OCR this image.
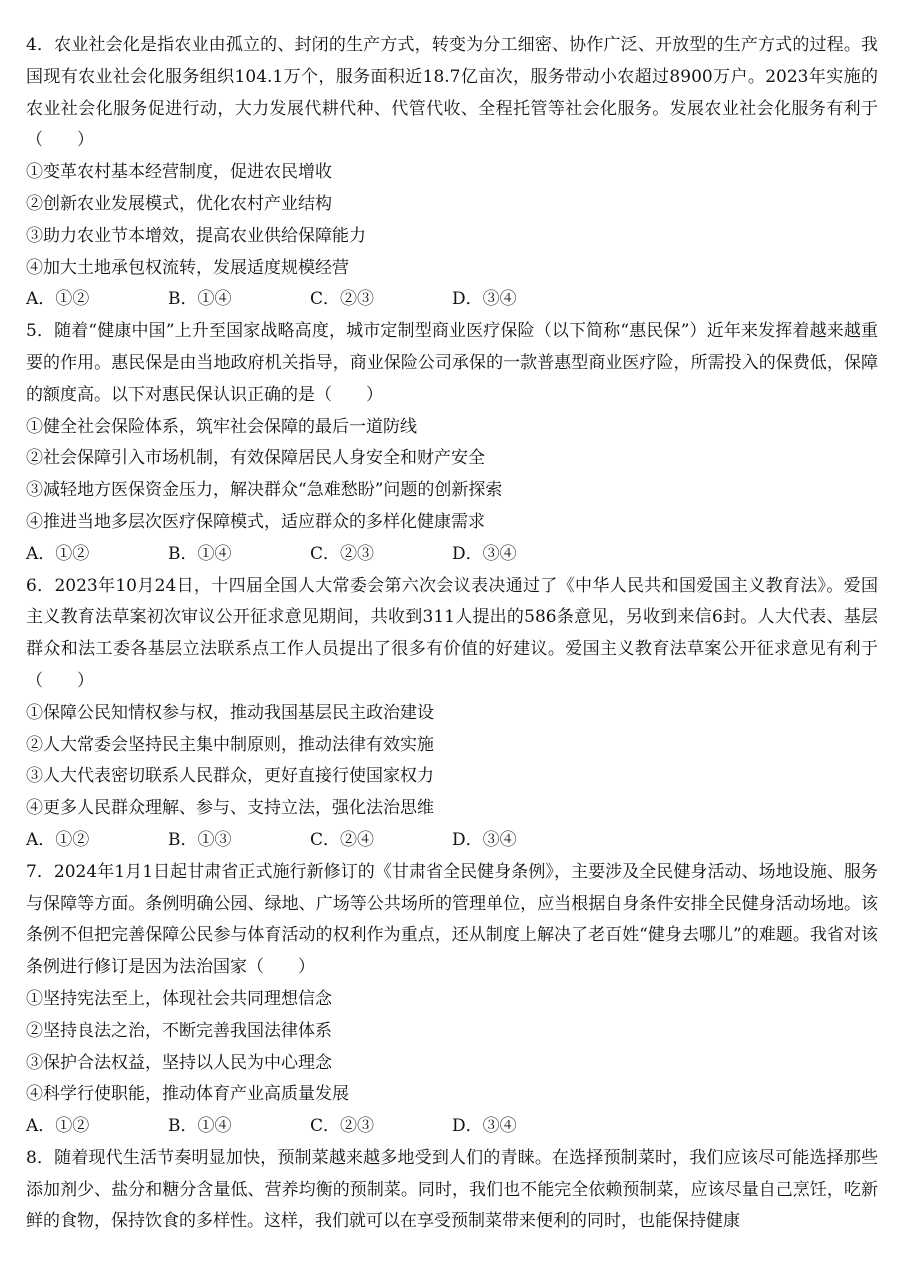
4．农业社会化是指农业由孤立的、封闭的生产方式，转变为分工细密、协作广泛、开放型的生产方式的过程。我国现有农业社会化服务组织104.1万个，服务面积近18.7亿亩次，服务带动小农超过8900万户。2023年实施的农业社会化服务促进行动，大力发展代耕代种、代管代收、全程托管等社会化服务。发展农业社会化服务有利于（　　）

①变革农村基本经营制度，促进农民增收

②创新农业发展模式，优化农村产业结构

③助力农业节本增效，提高农业供给保障能力

④加大土地承包权流转，发展适度规模经营

A．①②	B．①④	C．②③	D．③④

5．随着“健康中国”上升至国家战略高度，城市定制型商业医疗保险（以下简称“惠民保”）近年来发挥着越来越重要的作用。惠民保是由当地政府机关指导，商业保险公司承保的一款普惠型商业医疗险，所需投入的保费低，保障的额度高。以下对惠民保认识正确的是（　　）

①健全社会保险体系，筑牢社会保障的最后一道防线

②社会保障引入市场机制，有效保障居民人身安全和财产安全

③减轻地方医保资金压力，解决群众“急难愁盼”问题的创新探索

④推进当地多层次医疗保障模式，适应群众的多样化健康需求

A．①②	B．①④	C．②③	D．③④

6．2023年10月24日，十四届全国人大常委会第六次会议表决通过了《中华人民共和国爱国主义教育法》。爱国主义教育法草案初次审议公开征求意见期间，共收到311人提出的586条意见，另收到来信6封。人大代表、基层群众和法工委各基层立法联系点工作人员提出了很多有价值的好建议。爱国主义教育法草案公开征求意见有利于（　　）

①保障公民知情权参与权，推动我国基层民主政治建设

②人大常委会坚持民主集中制原则，推动法律有效实施

③人大代表密切联系人民群众，更好直接行使国家权力

④更多人民群众理解、参与、支持立法，强化法治思维

A．①②	B．①③	C．②④	D．③④

7．2024年1月1日起甘肃省正式施行新修订的《甘肃省全民健身条例》，主要涉及全民健身活动、场地设施、服务与保障等方面。条例明确公园、绿地、广场等公共场所的管理单位，应当根据自身条件安排全民健身活动场地。该条例不但把完善保障公民参与体育活动的权利作为重点，还从制度上解决了老百姓“健身去哪儿”的难题。我省对该条例进行修订是因为法治国家（　　）

①坚持宪法至上，体现社会共同理想信念

②坚持良法之治，不断完善我国法律体系

③保护合法权益，坚持以人民为中心理念

④科学行使职能，推动体育产业高质量发展

A．①②	B．①④	C．②③	D．③④

8．随着现代生活节奏明显加快，预制菜越来越多地受到人们的青睐。在选择预制菜时，我们应该尽可能选择那些添加剂少、盐分和糖分含量低、营养均衡的预制菜。同时，我们也不能完全依赖预制菜，应该尽量自己烹饪，吃新鲜的食物，保持饮食的多样性。这样，我们就可以在享受预制菜带来便利的同时，也能保持健康
